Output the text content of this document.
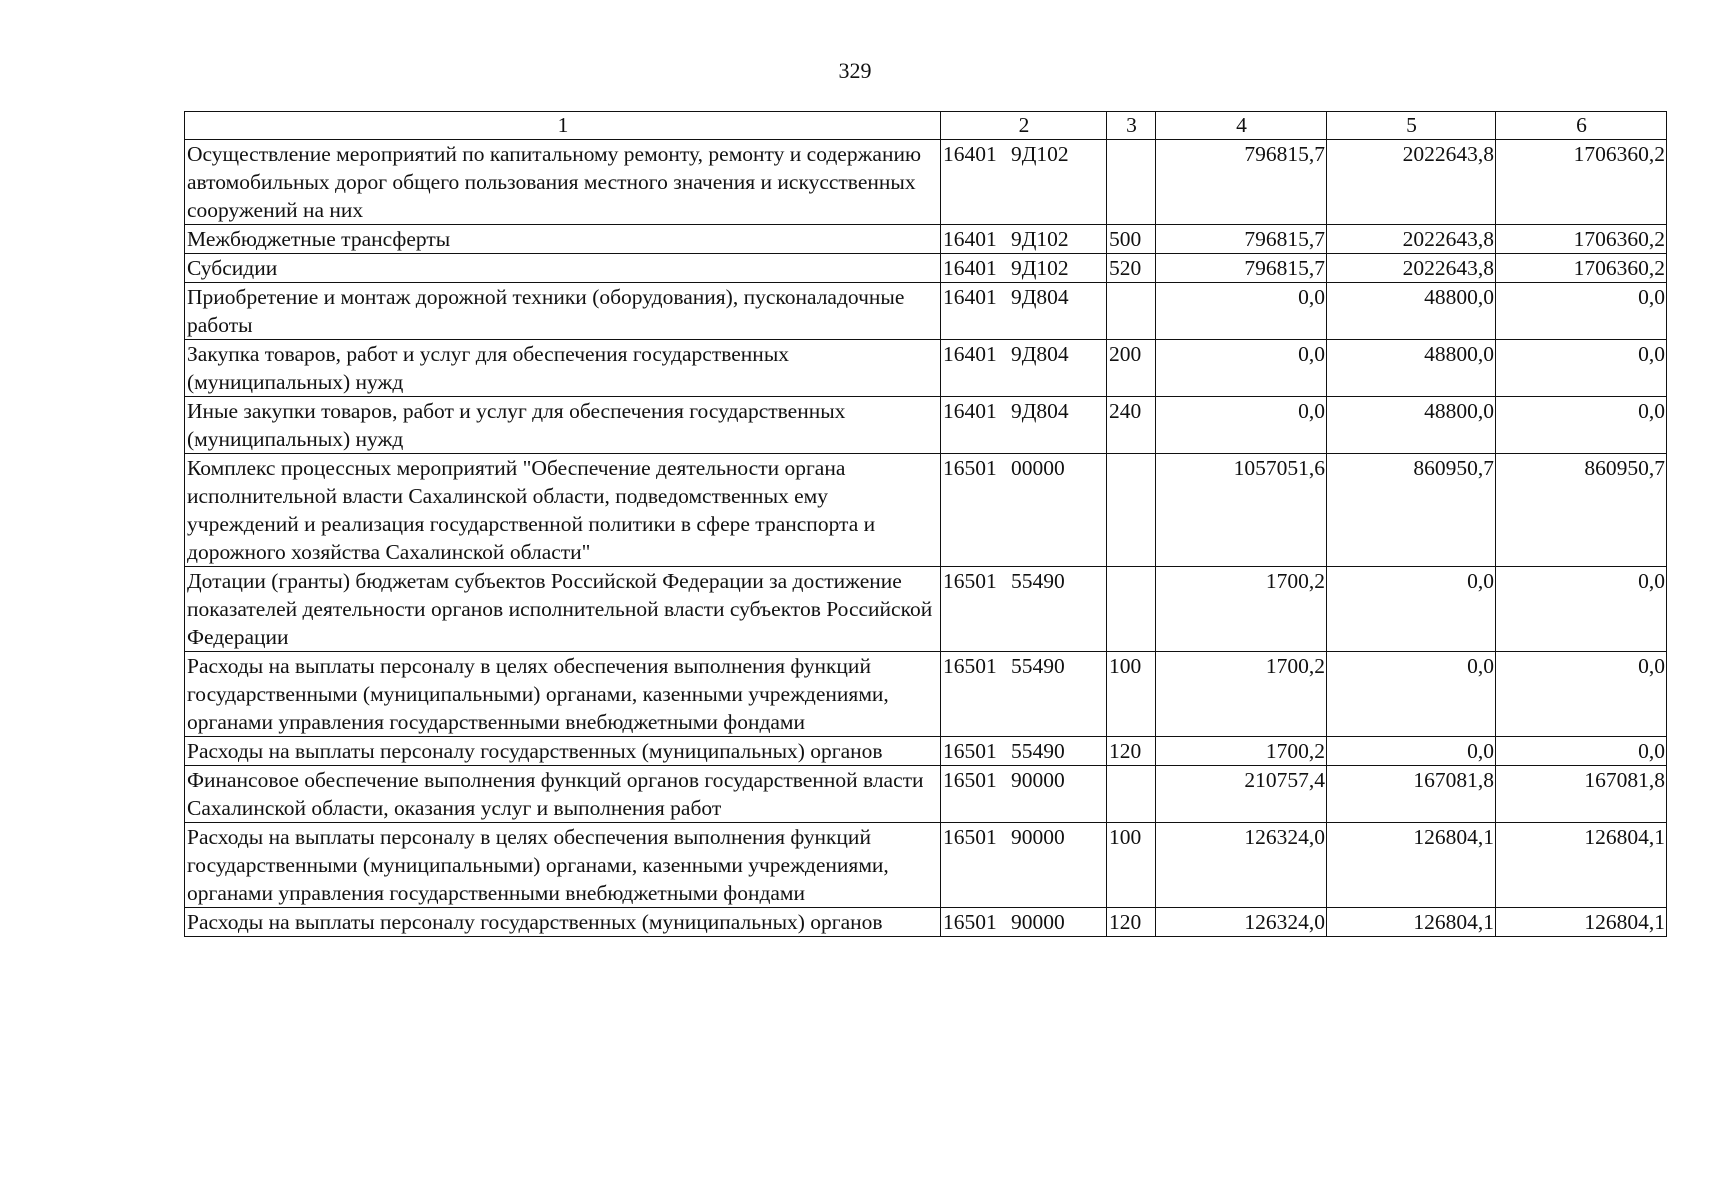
329
1	2	3	4	5	6
Осуществление мероприятий по капитальному ремонту, ремонту и содержанию автомобильных дорог общего пользования местного значения и искусственных сооружений на них	16401 9Д102		796815,7	2022643,8	1706360,2
Межбюджетные трансферты	16401 9Д102	500	796815,7	2022643,8	1706360,2
Субсидии	16401 9Д102	520	796815,7	2022643,8	1706360,2
Приобретение и монтаж дорожной техники (оборудования), пусконаладочные работы	16401 9Д804		0,0	48800,0	0,0
Закупка товаров, работ и услуг для обеспечения государственных (муниципальных) нужд	16401 9Д804	200	0,0	48800,0	0,0
Иные закупки товаров, работ и услуг для обеспечения государственных (муниципальных) нужд	16401 9Д804	240	0,0	48800,0	0,0
Комплекс процессных мероприятий "Обеспечение деятельности органа исполнительной власти Сахалинской области, подведомственных ему учреждений и реализация государственной политики в сфере транспорта и дорожного хозяйства Сахалинской области"	16501 00000		1057051,6	860950,7	860950,7
Дотации (гранты) бюджетам субъектов Российской Федерации за достижение показателей деятельности органов исполнительной власти субъектов Российской Федерации	16501 55490		1700,2	0,0	0,0
Расходы на выплаты персоналу в целях обеспечения выполнения функций государственными (муниципальными) органами, казенными учреждениями, органами управления государственными внебюджетными фондами	16501 55490	100	1700,2	0,0	0,0
Расходы на выплаты персоналу государственных (муниципальных) органов	16501 55490	120	1700,2	0,0	0,0
Финансовое обеспечение выполнения функций органов государственной власти Сахалинской области, оказания услуг и выполнения работ	16501 90000		210757,4	167081,8	167081,8
Расходы на выплаты персоналу в целях обеспечения выполнения функций государственными (муниципальными) органами, казенными учреждениями, органами управления государственными внебюджетными фондами	16501 90000	100	126324,0	126804,1	126804,1
Расходы на выплаты персоналу государственных (муниципальных) органов	16501 90000	120	126324,0	126804,1	126804,1
